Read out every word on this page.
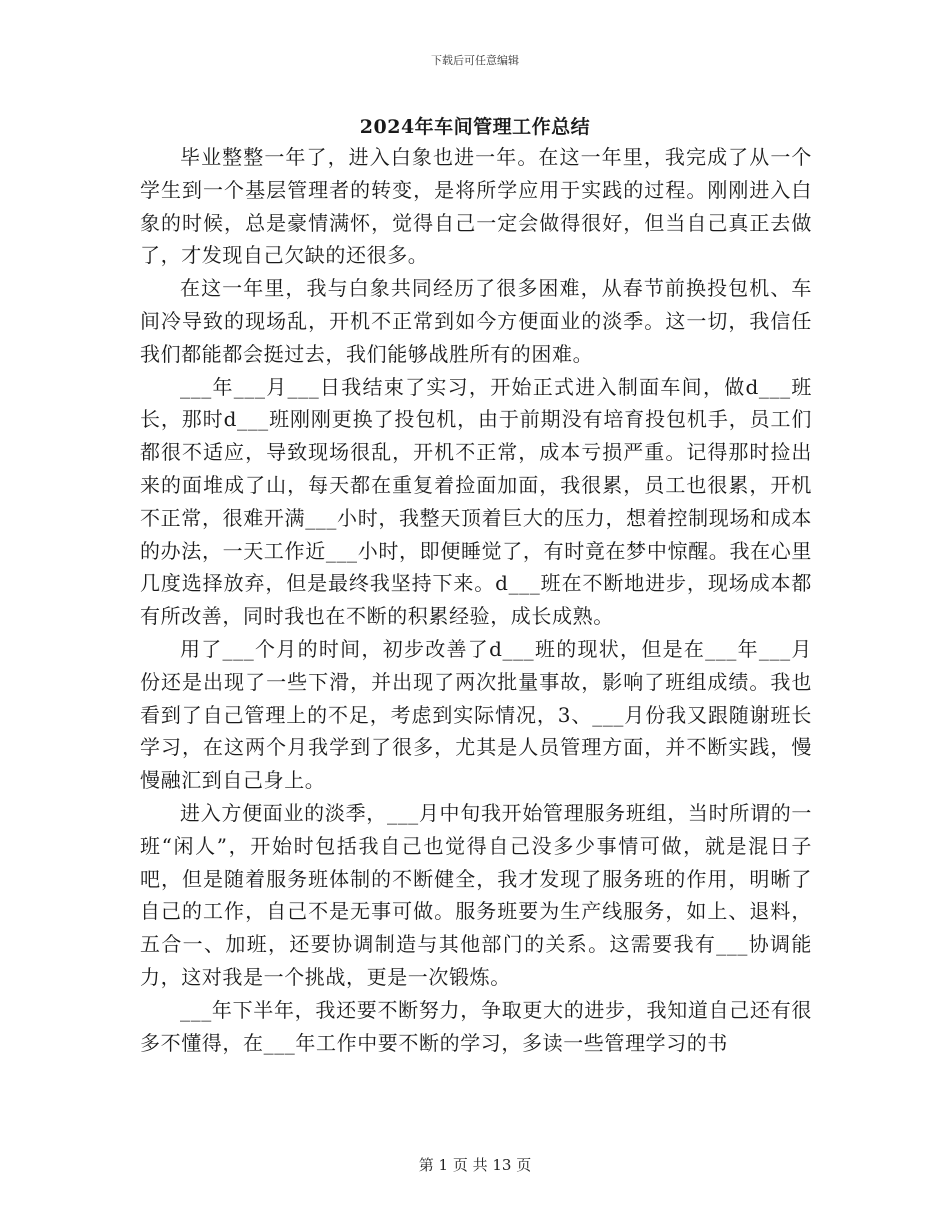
下载后可任意编辑
2024年车间管理工作总结

毕业整整一年了，进入白象也进一年。在这一年里，我完成了从一个学生到一个基层管理者的转变，是将所学应用于实践的过程。刚刚进入白象的时候，总是豪情满怀，觉得自己一定会做得很好，但当自己真正去做了，才发现自己欠缺的还很多。

在这一年里，我与白象共同经历了很多困难，从春节前换投包机、车间冷导致的现场乱，开机不正常到如今方便面业的淡季。这一切，我信任我们都能都会挺过去，我们能够战胜所有的困难。

___年___月___日我结束了实习，开始正式进入制面车间，做d___班长，那时d___班刚刚更换了投包机，由于前期没有培育投包机手，员工们都很不适应，导致现场很乱，开机不正常，成本亏损严重。记得那时捡出来的面堆成了山，每天都在重复着捡面加面，我很累，员工也很累，开机不正常，很难开满___小时，我整天顶着巨大的压力，想着控制现场和成本的办法，一天工作近___小时，即便睡觉了，有时竟在梦中惊醒。我在心里几度选择放弃，但是最终我坚持下来。d___班在不断地进步，现场成本都有所改善，同时我也在不断的积累经验，成长成熟。

用了___个月的时间，初步改善了d___班的现状，但是在___年___月份还是出现了一些下滑，并出现了两次批量事故，影响了班组成绩。我也看到了自己管理上的不足，考虑到实际情况，3、___月份我又跟随谢班长学习，在这两个月我学到了很多，尤其是人员管理方面，并不断实践，慢慢融汇到自己身上。

进入方便面业的淡季，___月中旬我开始管理服务班组，当时所谓的一班“闲人”，开始时包括我自己也觉得自己没多少事情可做，就是混日子吧，但是随着服务班体制的不断健全，我才发现了服务班的作用，明晰了自己的工作，自己不是无事可做。服务班要为生产线服务，如上、退料，五合一、加班，还要协调制造与其他部门的关系。这需要我有___协调能力，这对我是一个挑战，更是一次锻炼。

___年下半年，我还要不断努力，争取更大的进步，我知道自己还有很多不懂得，在___年工作中要不断的学习，多读一些管理学习的书

第 1 页 共 13 页
